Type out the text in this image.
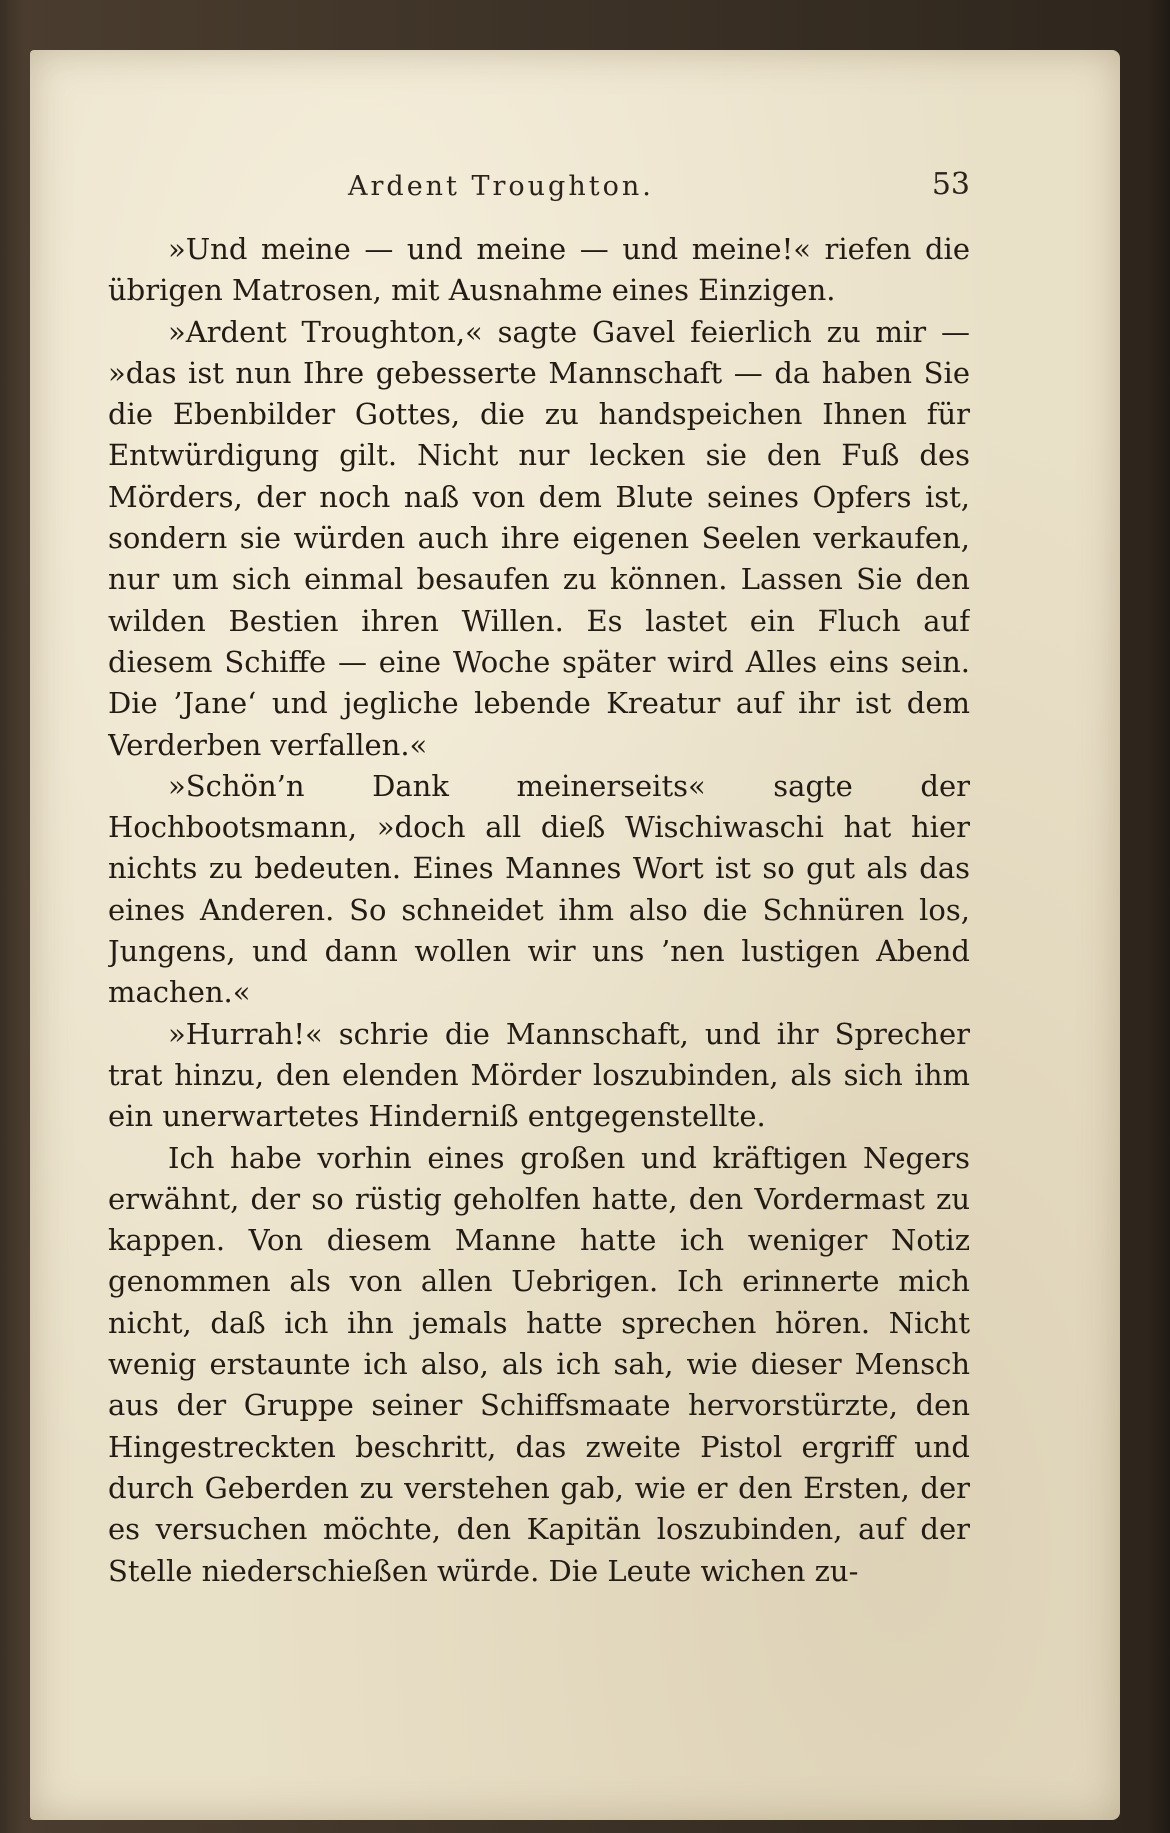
Ardent Troughton.	53

»Und meine — und meine — und meine!« riefen die übrigen Matrosen, mit Ausnahme eines Einzigen.

»Ardent Troughton,« sagte Gavel feierlich zu mir — »das ist nun Ihre gebesserte Mannschaft — da haben Sie die Ebenbilder Gottes, die zu handspeichen Ihnen für Entwürdigung gilt. Nicht nur lecken sie den Fuß des Mörders, der noch naß von dem Blute seines Opfers ist, sondern sie würden auch ihre eigenen Seelen verkaufen, nur um sich einmal besaufen zu können. Lassen Sie den wilden Bestien ihren Willen. Es lastet ein Fluch auf diesem Schiffe — eine Woche später wird Alles eins sein. Die ’Jane‘ und jegliche lebende Kreatur auf ihr ist dem Verderben verfallen.«

»Schön’n Dank meinerseits« sagte der Hochbootsmann, »doch all dieß Wischiwaschi hat hier nichts zu bedeuten. Eines Mannes Wort ist so gut als das eines Anderen. So schneidet ihm also die Schnüren los, Jungens, und dann wollen wir uns ’nen lustigen Abend machen.«

»Hurrah!« schrie die Mannschaft, und ihr Sprecher trat hinzu, den elenden Mörder loszubinden, als sich ihm ein unerwartetes Hinderniß entgegenstellte.

Ich habe vorhin eines großen und kräftigen Negers erwähnt, der so rüstig geholfen hatte, den Vordermast zu kappen. Von diesem Manne hatte ich weniger Notiz genommen als von allen Uebrigen. Ich erinnerte mich nicht, daß ich ihn jemals hatte sprechen hören. Nicht wenig erstaunte ich also, als ich sah, wie dieser Mensch aus der Gruppe seiner Schiffsmaate hervorstürzte, den Hingestreckten beschritt, das zweite Pistol ergriff und durch Geberden zu verstehen gab, wie er den Ersten, der es versuchen möchte, den Kapitän loszubinden, auf der Stelle niederschießen würde. Die Leute wichen zu-
